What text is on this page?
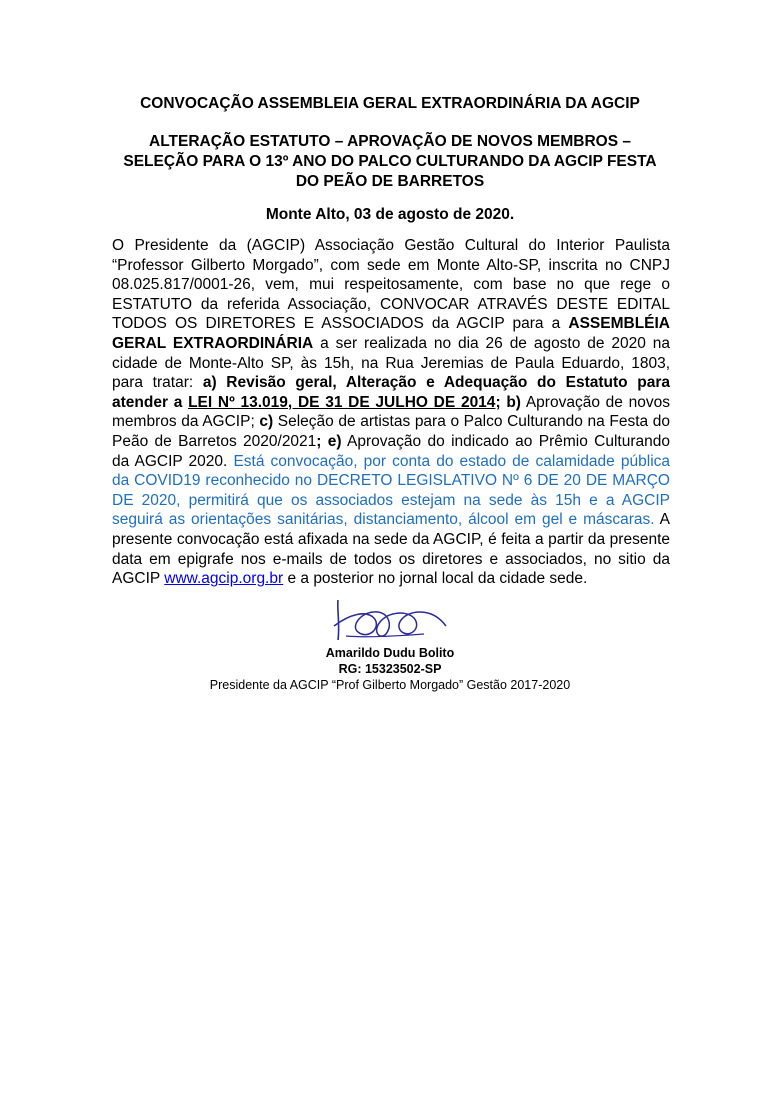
CONVOCAÇÃO ASSEMBLEIA GERAL EXTRAORDINÁRIA DA AGCIP

ALTERAÇÃO ESTATUTO – APROVAÇÃO DE NOVOS MEMBROS – SELEÇÃO PARA O 13º ANO DO PALCO CULTURANDO DA AGCIP FESTA DO PEÃO DE BARRETOS

Monte Alto, 03 de agosto de 2020.

O Presidente da (AGCIP) Associação Gestão Cultural do Interior Paulista “Professor Gilberto Morgado”, com sede em Monte Alto-SP, inscrita no CNPJ 08.025.817/0001-26, vem, mui respeitosamente, com base no que rege o ESTATUTO da referida Associação, CONVOCAR ATRAVÉS DESTE EDITAL TODOS OS DIRETORES E ASSOCIADOS da AGCIP para a ASSEMBLÉIA GERAL EXTRAORDINÁRIA a ser realizada no dia 26 de agosto de 2020 na cidade de Monte-Alto SP, às 15h, na Rua Jeremias de Paula Eduardo, 1803, para tratar: a) Revisão geral, Alteração e Adequação do Estatuto para atender a LEI Nº 13.019, DE 31 DE JULHO DE 2014; b) Aprovação de novos membros da AGCIP; c) Seleção de artistas para o Palco Culturando na Festa do Peão de Barretos 2020/2021; e) Aprovação do indicado ao Prêmio Culturando da AGCIP 2020. Está convocação, por conta do estado de calamidade pública da COVID19 reconhecido no DECRETO LEGISLATIVO Nº 6 DE 20 DE MARÇO DE 2020, permitirá que os associados estejam na sede às 15h e a AGCIP seguirá as orientações sanitárias, distanciamento, álcool em gel e máscaras. A presente convocação está afixada na sede da AGCIP, é feita a partir da presente data em epigrafe nos e-mails de todos os diretores e associados, no sitio da AGCIP www.agcip.org.br e a posterior no jornal local da cidade sede.

Amarildo Dudu Bolito

RG: 15323502-SP

Presidente da AGCIP “Prof Gilberto Morgado” Gestão 2017-2020
